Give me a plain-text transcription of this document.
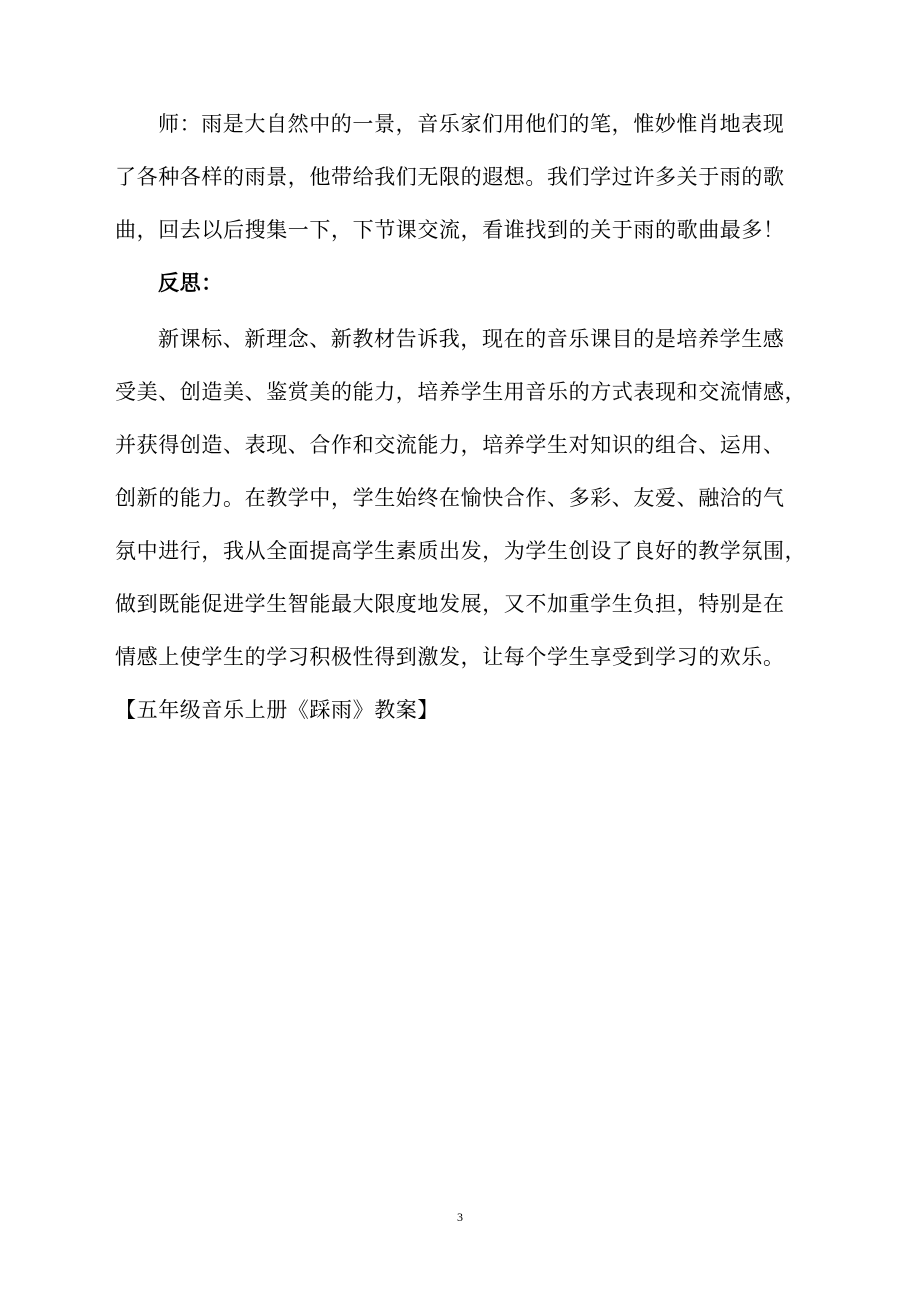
师：雨是大自然中的一景，音乐家们用他们的笔，惟妙惟肖地表现
了各种各样的雨景，他带给我们无限的遐想。我们学过许多关于雨的歌
曲，回去以后搜集一下，下节课交流，看谁找到的关于雨的歌曲最多！
反思：
新课标、新理念、新教材告诉我，现在的音乐课目的是培养学生感
受美、创造美、鉴赏美的能力，培养学生用音乐的方式表现和交流情感，
并获得创造、表现、合作和交流能力，培养学生对知识的组合、运用、
创新的能力。在教学中，学生始终在愉快合作、多彩、友爱、融洽的气
氛中进行，我从全面提高学生素质出发，为学生创设了良好的教学氛围，
做到既能促进学生智能最大限度地发展，又不加重学生负担，特别是在
情感上使学生的学习积极性得到激发，让每个学生享受到学习的欢乐。
【五年级音乐上册《踩雨》教案】
3
